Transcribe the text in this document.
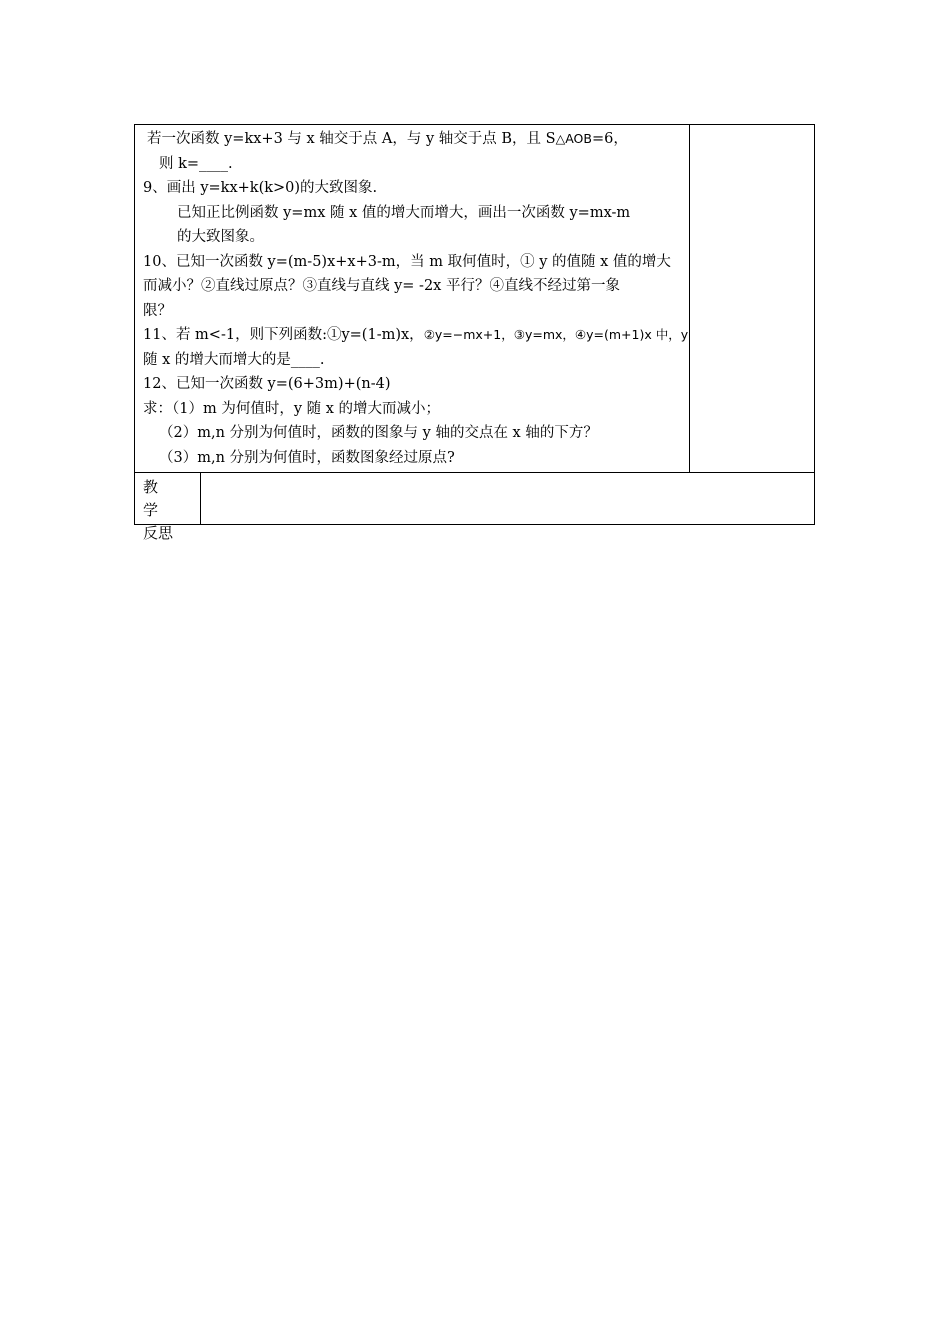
若一次函数 y=kx+3 与 x 轴交于点 A，与 y 轴交于点 B，且 S△AOB=6，
则 k=____.
9、画出 y=kx+k(k>0)的大致图象.
已知正比例函数 y=mx 随 x 值的增大而增大，画出一次函数 y=mx-m
的大致图象。
10、已知一次函数 y=(m-5)x+x+3-m，当 m 取何值时，① y 的值随 x 值的增大
而减小？②直线过原点？③直线与直线 y= -2x 平行？④直线不经过第一象
限？
11、若 m<-1，则下列函数:①y=(1-m)x，②y=−mx+1，③y=mx，④y=(m+1)x 中，y
随 x 的增大而增大的是____.
12、已知一次函数 y=(6+3m)+(n-4)
求：（1）m 为何值时，y 随 x 的增大而减小；
（2）m,n 分别为何值时，函数的图象与 y 轴的交点在 x 轴的下方？
（3）m,n 分别为何值时，函数图象经过原点?
教学
反思
